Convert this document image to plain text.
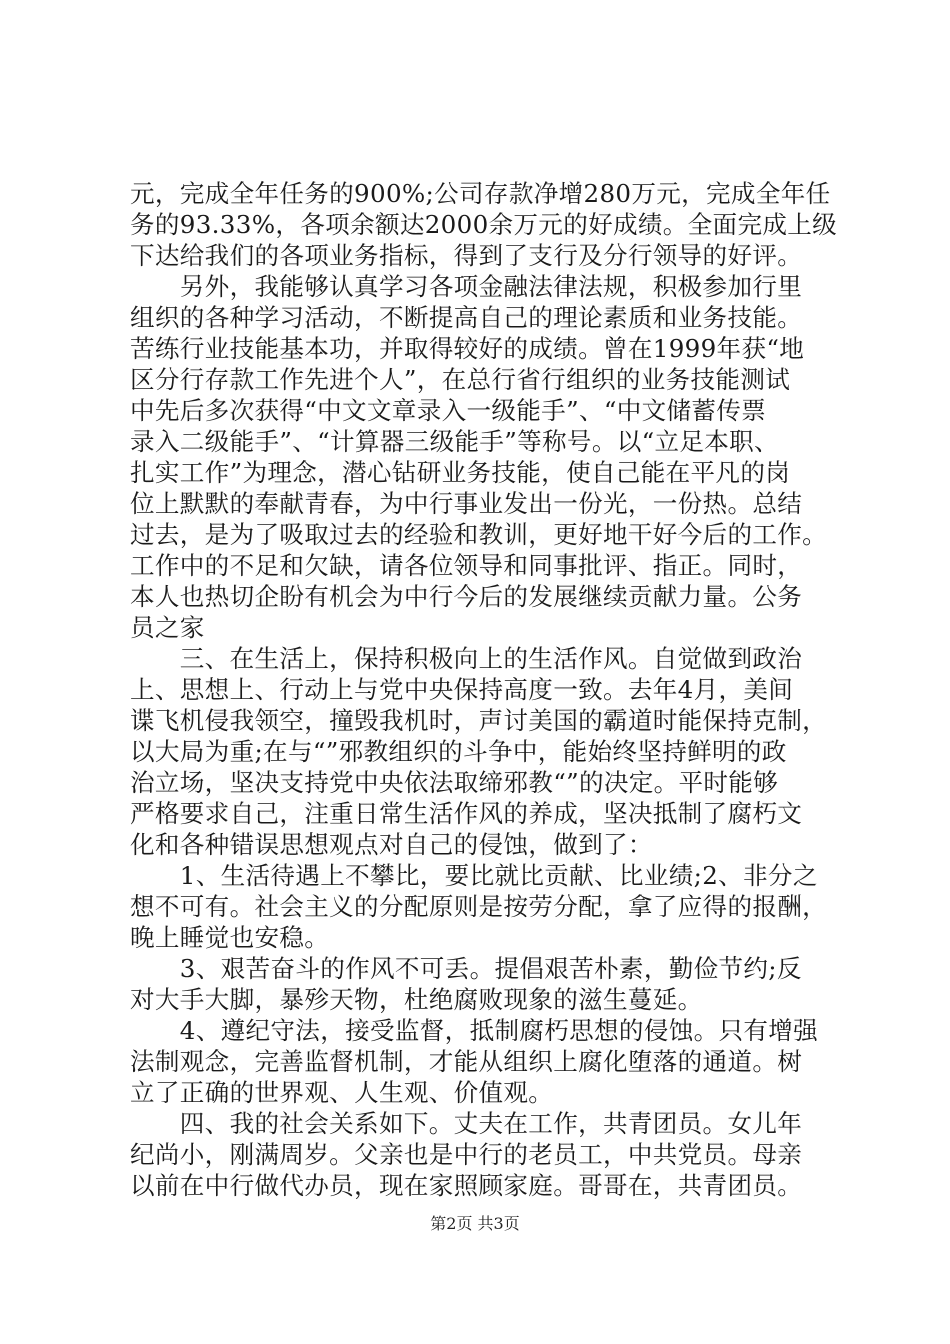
元，完成全年任务的900%;公司存款净增280万元，完成全年任
务的93.33%，各项余额达2000余万元的好成绩。全面完成上级
下达给我们的各项业务指标，得到了支行及分行领导的好评。
　　另外，我能够认真学习各项金融法律法规，积极参加行里
组织的各种学习活动，不断提高自己的理论素质和业务技能。
苦练行业技能基本功，并取得较好的成绩。曾在1999年获“地
区分行存款工作先进个人”，在总行省行组织的业务技能测试
中先后多次获得“中文文章录入一级能手”、“中文储蓄传票
录入二级能手”、“计算器三级能手”等称号。以“立足本职、
扎实工作”为理念，潜心钻研业务技能，使自己能在平凡的岗
位上默默的奉献青春，为中行事业发出一份光，一份热。总结
过去，是为了吸取过去的经验和教训，更好地干好今后的工作。
工作中的不足和欠缺，请各位领导和同事批评、指正。同时，
本人也热切企盼有机会为中行今后的发展继续贡献力量。公务
员之家
　　三、在生活上，保持积极向上的生活作风。自觉做到政治
上、思想上、行动上与党中央保持高度一致。去年4月，美间
谍飞机侵我领空，撞毁我机时，声讨美国的霸道时能保持克制，
以大局为重;在与“”邪教组织的斗争中，能始终坚持鲜明的政
治立场，坚决支持党中央依法取缔邪教“”的决定。平时能够
严格要求自己，注重日常生活作风的养成，坚决抵制了腐朽文
化和各种错误思想观点对自己的侵蚀，做到了：
　　1、生活待遇上不攀比，要比就比贡献、比业绩;2、非分之
想不可有。社会主义的分配原则是按劳分配，拿了应得的报酬，
晚上睡觉也安稳。
　　3、艰苦奋斗的作风不可丢。提倡艰苦朴素，勤俭节约;反
对大手大脚，暴殄天物，杜绝腐败现象的滋生蔓延。
　　4、遵纪守法，接受监督，抵制腐朽思想的侵蚀。只有增强
法制观念，完善监督机制，才能从组织上腐化堕落的通道。树
立了正确的世界观、人生观、价值观。
　　四、我的社会关系如下。丈夫在工作，共青团员。女儿年
纪尚小，刚满周岁。父亲也是中行的老员工，中共党员。母亲
以前在中行做代办员，现在家照顾家庭。哥哥在，共青团员。
第2页 共3页
